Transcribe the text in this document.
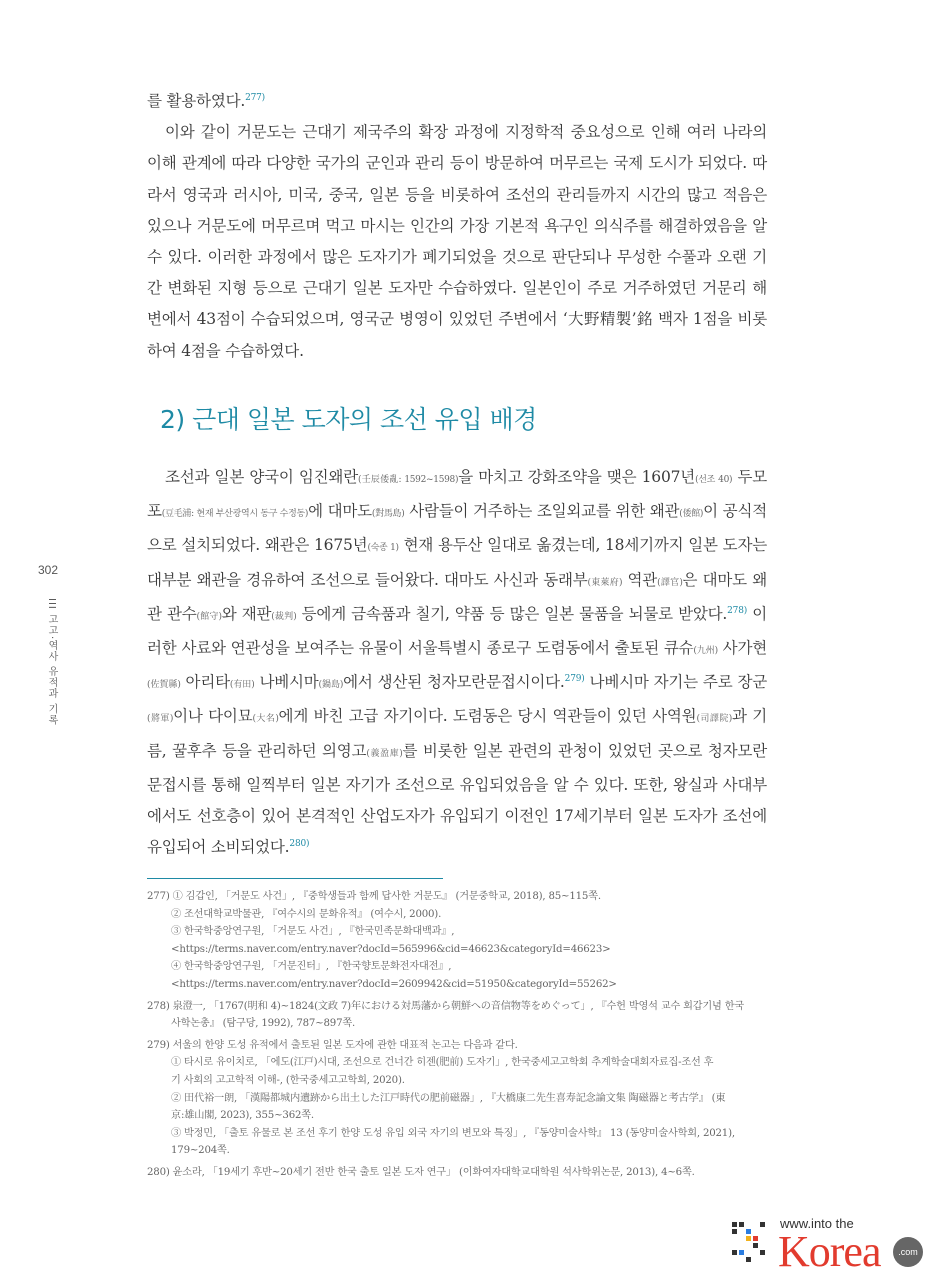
를 활용하였다.$^{277)}$

이와 같이 거문도는 근대기 제국주의 확장 과정에 지정학적 중요성으로 인해 여러 나라의 이해 관계에 따라 다양한 국가의 군인과 관리 등이 방문하여 머무르는 국제 도시가 되었다. 따라서 영국과 러시아, 미국, 중국, 일본 등을 비롯하여 조선의 관리들까지 시간의 많고 적음은 있으나 거문도에 머무르며 먹고 마시는 인간의 가장 기본적 욕구인 의식주를 해결하였음을 알 수 있다. 이러한 과정에서 많은 도자기가 폐기되었을 것으로 판단되나 무성한 수풀과 오랜 기간 변화된 지형 등으로 근대기 일본 도자만 수습하였다. 일본인이 주로 거주하였던 거문리 해변에서 43점이 수습되었으며, 영국군 병영이 있었던 주변에서 ‘大野精製’銘 백자 1점을 비롯하여 4점을 수습하였다.

2) 근대 일본 도자의 조선 유입 배경

조선과 일본 양국이 임진왜란(壬辰倭亂: 1592~1598)을 마치고 강화조약을 맺은 1607년(선조 40) 두모포(豆毛浦: 현재 부산광역시 동구 수정동)에 대마도(對馬島) 사람들이 거주하는 조일외교를 위한 왜관(倭館)이 공식적으로 설치되었다. 왜관은 1675년(숙종 1) 현재 용두산 일대로 옮겼는데, 18세기까지 일본 도자는 대부분 왜관을 경유하여 조선으로 들어왔다. 대마도 사신과 동래부(東萊府) 역관(譯官)은 대마도 왜관 관수(館守)와 재판(裁判) 등에게 금속품과 칠기, 약품 등 많은 일본 물품을 뇌물로 받았다.$^{278)}$ 이러한 사료와 연관성을 보여주는 유물이 서울특별시 종로구 도렴동에서 출토된 큐슈(九州) 사가현(佐賀縣) 아리타(有田) 나베시마(鍋島)에서 생산된 청자모란문접시이다.$^{279)}$ 나베시마 자기는 주로 장군(將軍)이나 다이묘(大名)에게 바친 고급 자기이다. 도렴동은 당시 역관들이 있던 사역원(司譯院)과 기름, 꿀후추 등을 관리하던 의영고(義盈庫)를 비롯한 일본 관련의 관청이 있었던 곳으로 청자모란문접시를 통해 일찍부터 일본 자기가 조선으로 유입되었음을 알 수 있다. 또한, 왕실과 사대부에서도 선호층이 있어 본격적인 산업도자가 유입되기 이전인 17세기부터 일본 도자가 조선에 유입되어 소비되었다.$^{280)}$

302
III 고고·역사 유적과 기록
277) ① 김갑인, 「거문도 사건」, 『중학생들과 함께 답사한 거문도』 (거문중학교, 2018), 85~115쪽.
② 조선대학교박물관, 『여수시의 문화유적』 (여수시, 2000).
③ 한국학중앙연구원, 「거문도 사건」, 『한국민족문화대백과』,
<https://terms.naver.com/entry.naver?docId=565996&cid=46623&categoryId=46623>
④ 한국학중앙연구원, 「거문진터」, 『한국향토문화전자대전』,
<https://terms.naver.com/entry.naver?docId=2609942&cid=51950&categoryId=55262>
278) 泉澄一, 「1767(明和 4)~1824(文政 7)年における対馬藩から朝鮮への音信物等をめぐって」, 『수헌 박영석 교수 회갑기념 한국
사학논총』 (탐구당, 1992), 787~897쪽.
279) 서울의 한양 도성 유적에서 출토된 일본 도자에 관한 대표적 논고는 다음과 같다.
① 타시로 유이치로, 「에도(江戸)시대, 조선으로 건너간 히젠(肥前) 도자기」, 한국중세고고학회 추계학술대회자료집-조선 후
기 사회의 고고학적 이해-, (한국중세고고학회, 2020).
② 田代裕一朗, 「漢陽都城内遺跡から出土した江戸時代の肥前磁器」, 『大橋康二先生喜寿記念論文集 陶磁器と考古学』 (東
京:雄山閣, 2023), 355~362쪽.
③ 박정민, 「출토 유물로 본 조선 후기 한양 도성 유입 외국 자기의 변모와 특징」, 『동양미술사학』 13 (동양미술사학회, 2021),
179~204쪽.
280) 윤소라, 「19세기 후반~20세기 전반 한국 출토 일본 도자 연구」 (이화여자대학교대학원 석사학위논문, 2013), 4~6쪽.
www.into the
Korea	.com
